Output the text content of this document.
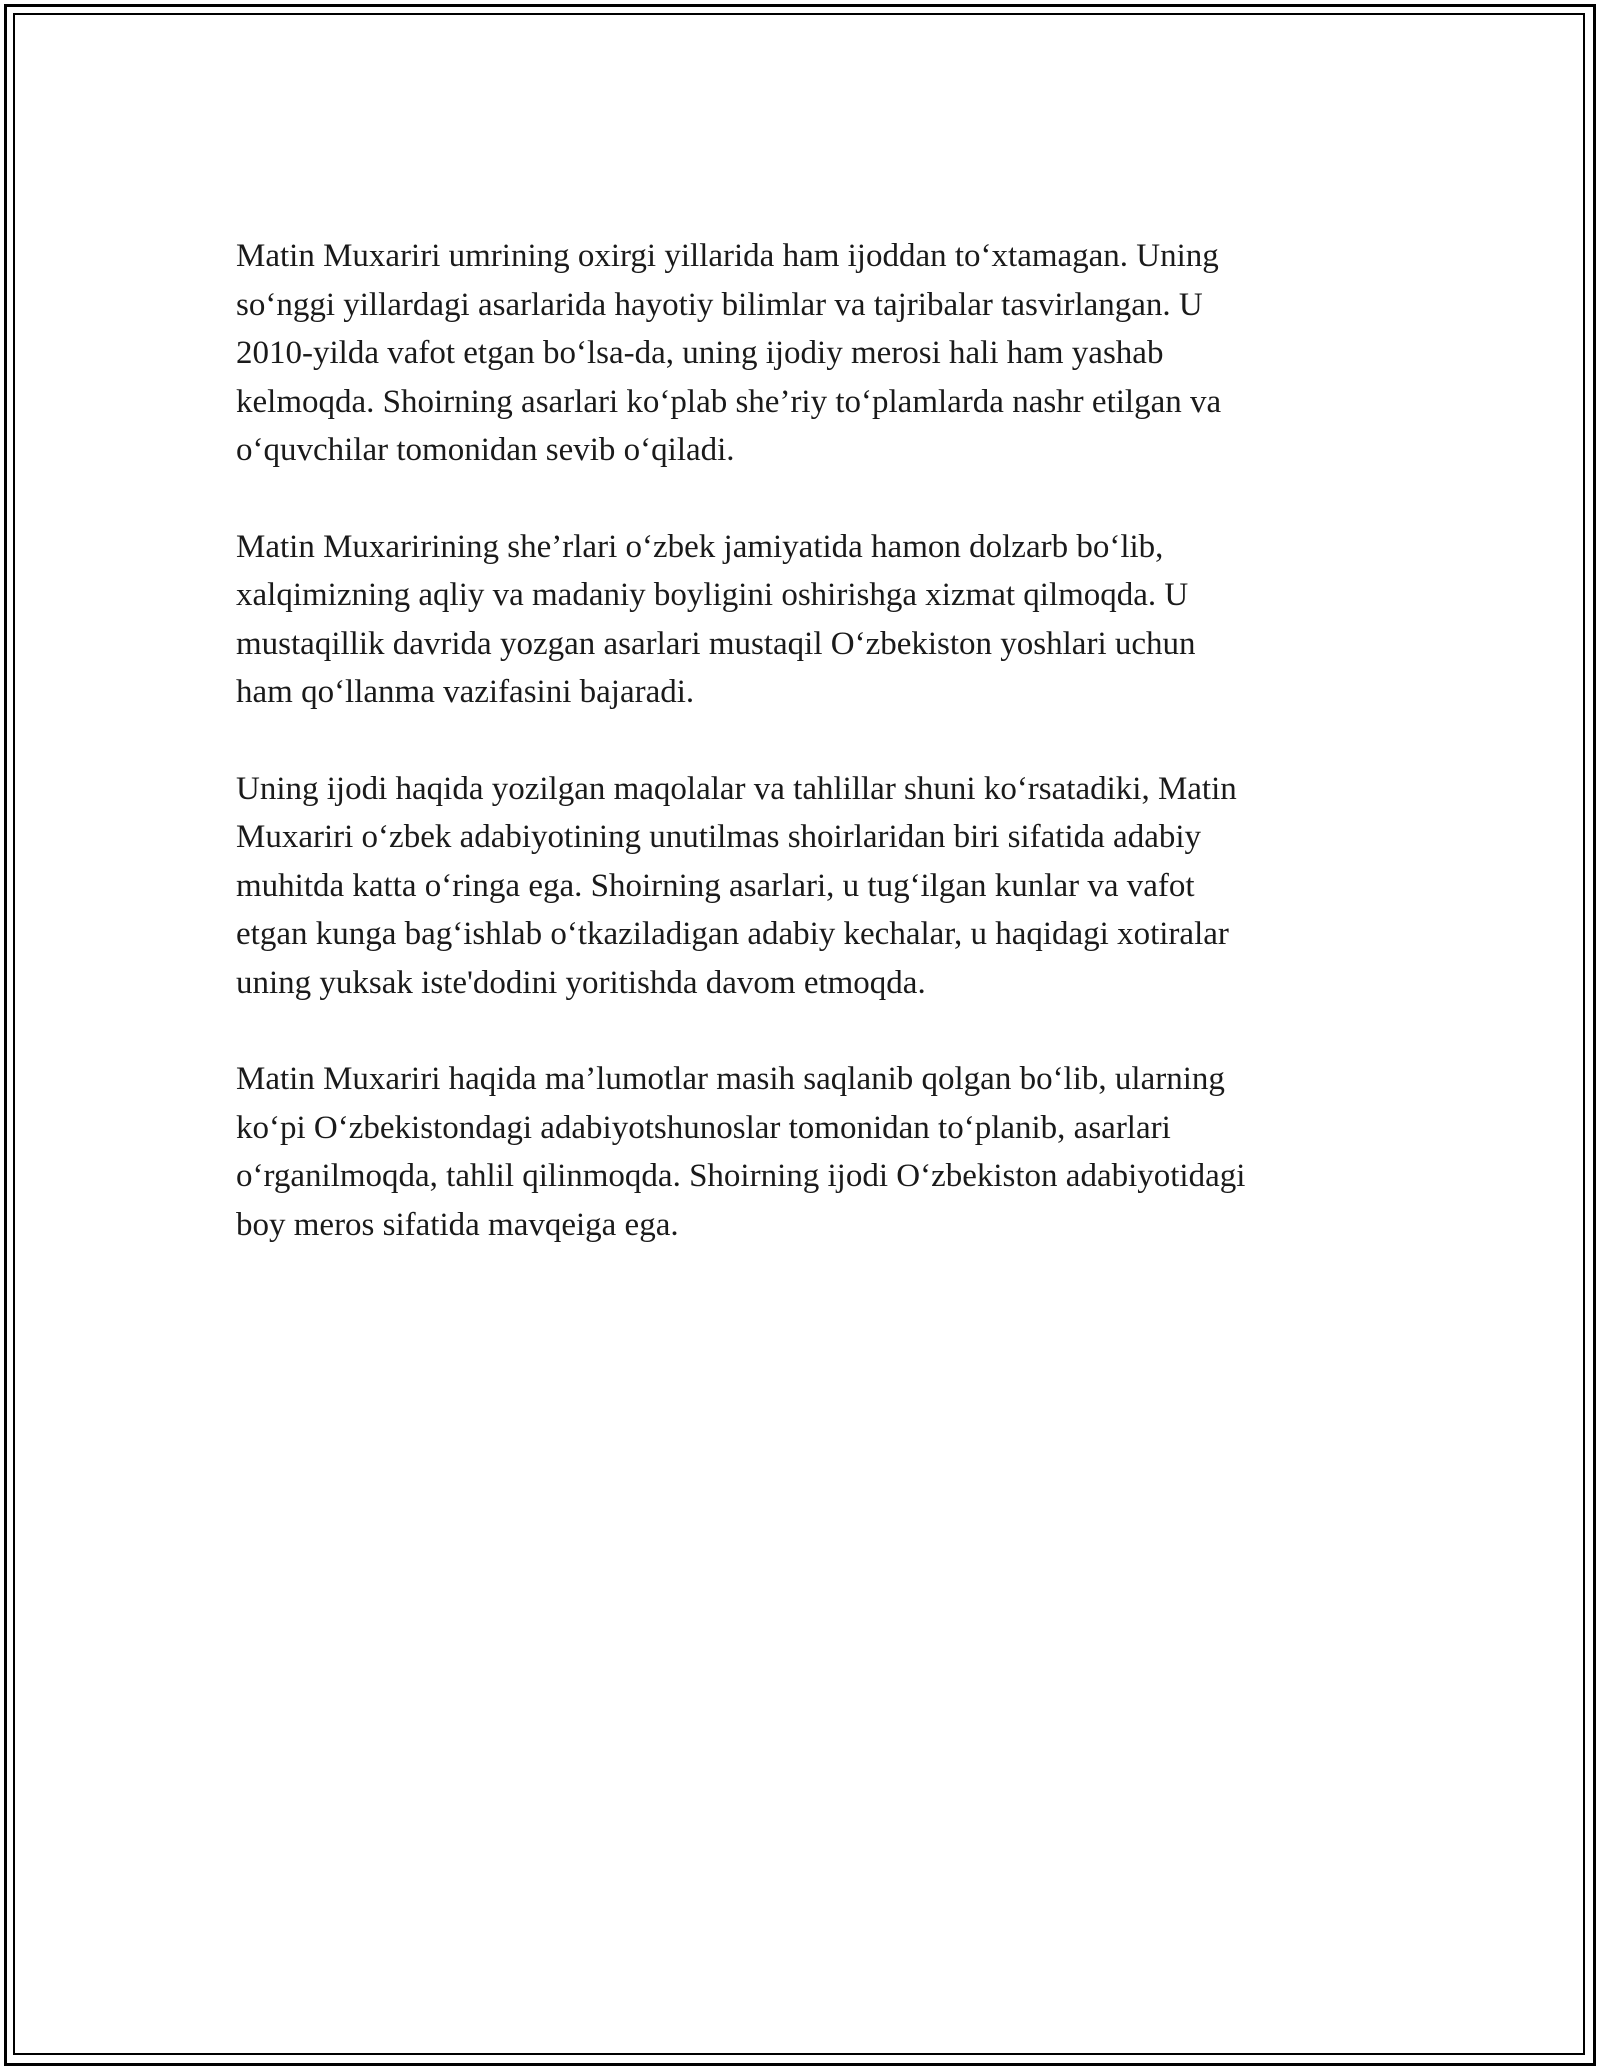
Matin Muxariri umrining oxirgi yillarida ham ijoddan to‘xtamagan. Uning
so‘nggi yillardagi asarlarida hayotiy bilimlar va tajribalar tasvirlangan. U
2010-yilda vafot etgan bo‘lsa-da, uning ijodiy merosi hali ham yashab
kelmoqda. Shoirning asarlari ko‘plab she’riy to‘plamlarda nashr etilgan va
o‘quvchilar tomonidan sevib o‘qiladi.

Matin Muxaririning she’rlari o‘zbek jamiyatida hamon dolzarb bo‘lib,
xalqimizning aqliy va madaniy boyligini oshirishga xizmat qilmoqda. U
mustaqillik davrida yozgan asarlari mustaqil O‘zbekiston yoshlari uchun
ham qo‘llanma vazifasini bajaradi.

Uning ijodi haqida yozilgan maqolalar va tahlillar shuni ko‘rsatadiki, Matin
Muxariri o‘zbek adabiyotining unutilmas shoirlaridan biri sifatida adabiy
muhitda katta o‘ringa ega. Shoirning asarlari, u tug‘ilgan kunlar va vafot
etgan kunga bag‘ishlab o‘tkaziladigan adabiy kechalar, u haqidagi xotiralar
uning yuksak iste'dodini yoritishda davom etmoqda.

Matin Muxariri haqida ma’lumotlar masih saqlanib qolgan bo‘lib, ularning
ko‘pi O‘zbekistondagi adabiyotshunoslar tomonidan to‘planib, asarlari
o‘rganilmoqda, tahlil qilinmoqda. Shoirning ijodi O‘zbekiston adabiyotidagi
boy meros sifatida mavqeiga ega.
